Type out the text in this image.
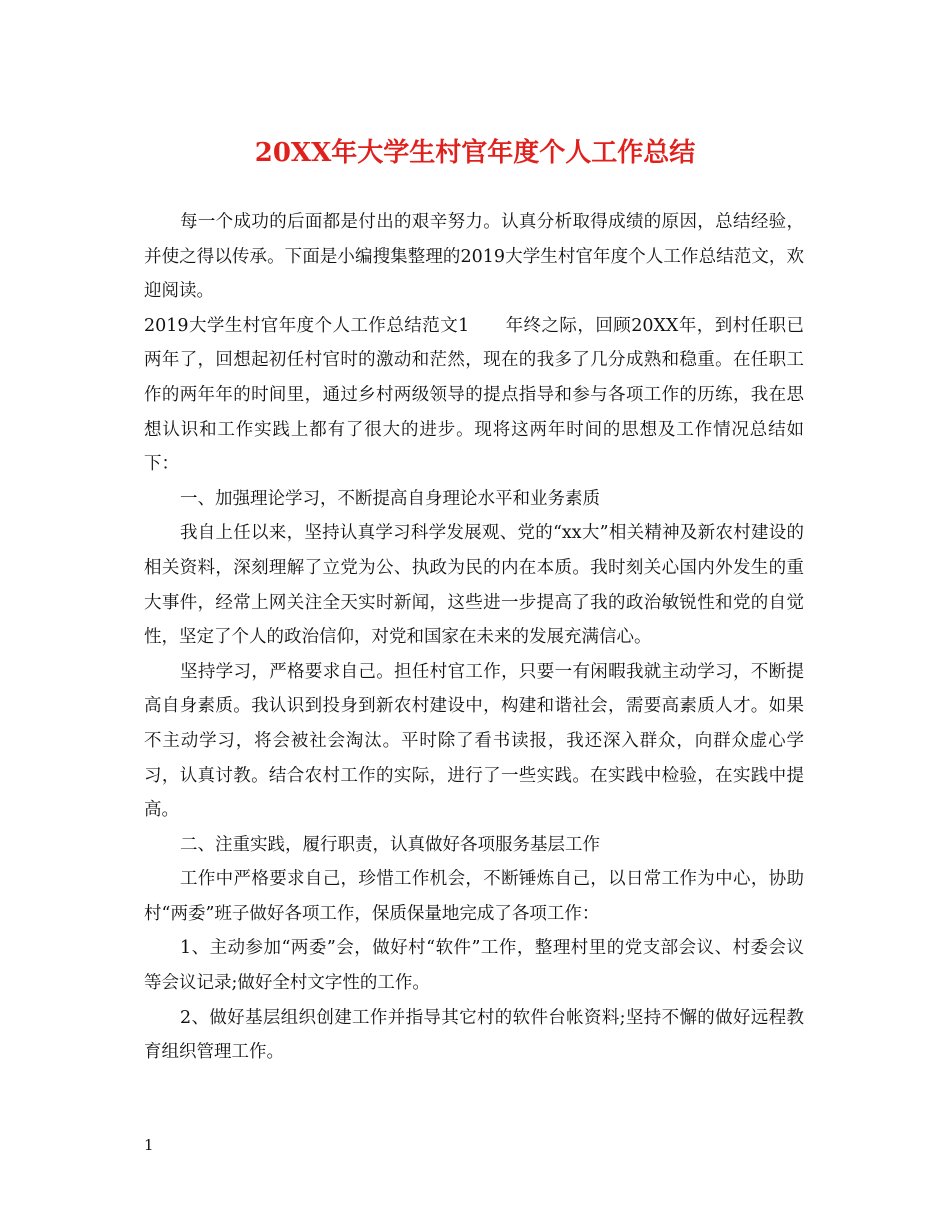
20XX年大学生村官年度个人工作总结

每一个成功的后面都是付出的艰辛努力。认真分析取得成绩的原因，总结经验，并使之得以传承。下面是小编搜集整理的2019大学生村官年度个人工作总结范文，欢迎阅读。

2019大学生村官年度个人工作总结范文1　　年终之际，回顾20XX年，到村任职已两年了，回想起初任村官时的激动和茫然，现在的我多了几分成熟和稳重。在任职工作的两年年的时间里，通过乡村两级领导的提点指导和参与各项工作的历练，我在思想认识和工作实践上都有了很大的进步。现将这两年时间的思想及工作情况总结如下：

一、加强理论学习，不断提高自身理论水平和业务素质

我自上任以来，坚持认真学习科学发展观、党的“xx大”相关精神及新农村建设的相关资料，深刻理解了立党为公、执政为民的内在本质。我时刻关心国内外发生的重大事件，经常上网关注全天实时新闻，这些进一步提高了我的政治敏锐性和党的自觉性，坚定了个人的政治信仰，对党和国家在未来的发展充满信心。

坚持学习，严格要求自己。担任村官工作，只要一有闲暇我就主动学习，不断提高自身素质。我认识到投身到新农村建设中，构建和谐社会，需要高素质人才。如果不主动学习，将会被社会淘汰。平时除了看书读报，我还深入群众，向群众虚心学习，认真讨教。结合农村工作的实际，进行了一些实践。在实践中检验，在实践中提高。

二、注重实践，履行职责，认真做好各项服务基层工作

工作中严格要求自己，珍惜工作机会，不断锤炼自己，以日常工作为中心，协助村“两委”班子做好各项工作，保质保量地完成了各项工作：

1、主动参加“两委”会，做好村“软件”工作，整理村里的党支部会议、村委会议等会议记录;做好全村文字性的工作。

2、做好基层组织创建工作并指导其它村的软件台帐资料;坚持不懈的做好远程教育组织管理工作。

1
